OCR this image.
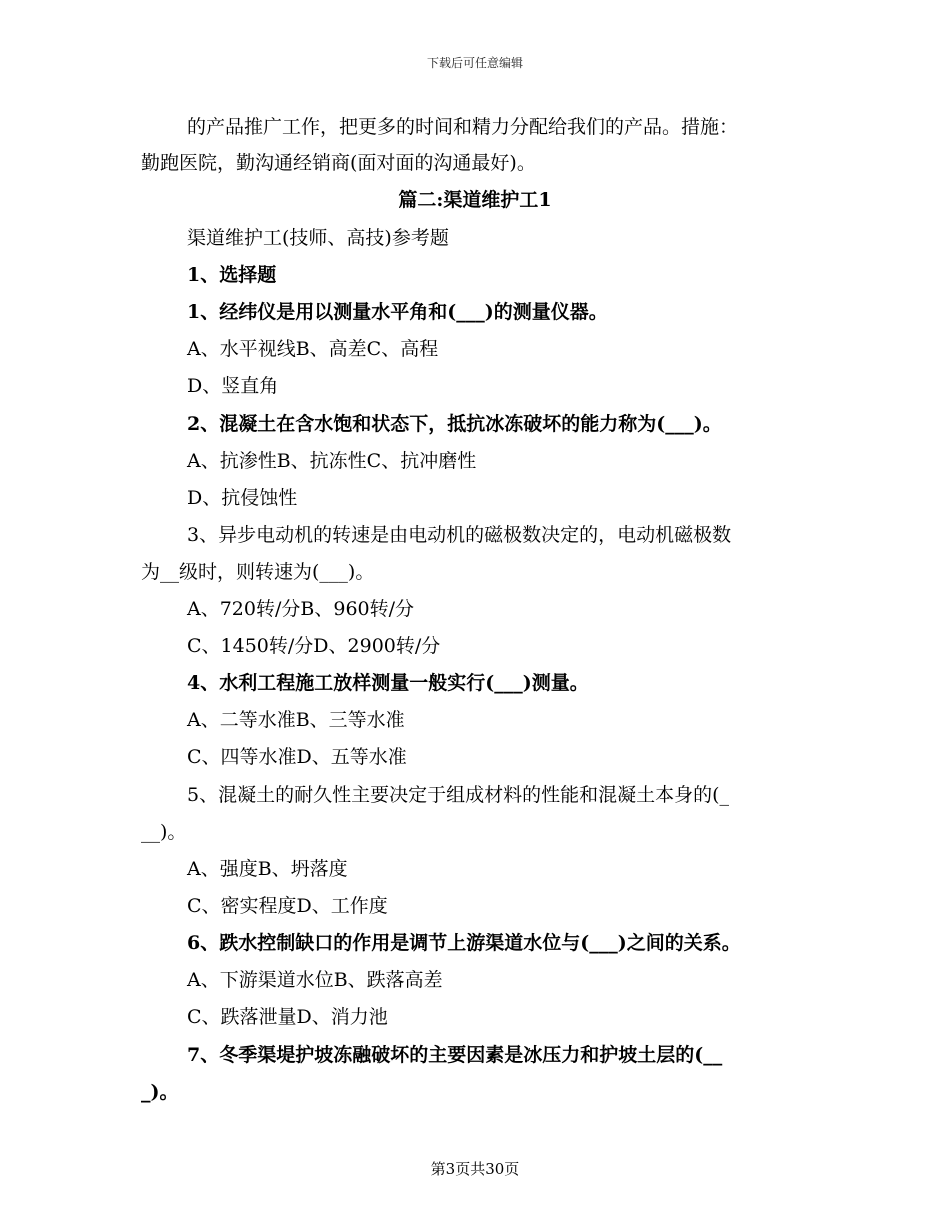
下载后可任意编辑
的产品推广工作，把更多的时间和精力分配给我们的产品。措施：
勤跑医院，勤沟通经销商(面对面的沟通最好)。
篇二:渠道维护工1
渠道维护工(技师、高技)参考题
1、选择题
1、经纬仪是用以测量水平角和(___)的测量仪器。
A、水平视线B、高差C、高程
D、竖直角
2、混凝土在含水饱和状态下，抵抗冰冻破坏的能力称为(___)。
A、抗渗性B、抗冻性C、抗冲磨性
D、抗侵蚀性
3、异步电动机的转速是由电动机的磁极数决定的，电动机磁极数
为__级时，则转速为(___)。
A、720转/分B、960转/分
C、1450转/分D、2900转/分
4、水利工程施工放样测量一般实行(___)测量。
A、二等水准B、三等水准
C、四等水准D、五等水准
5、混凝土的耐久性主要决定于组成材料的性能和混凝土本身的(_
__)。
A、强度B、坍落度
C、密实程度D、工作度
6、跌水控制缺口的作用是调节上游渠道水位与(___)之间的关系。
A、下游渠道水位B、跌落高差
C、跌落泄量D、消力池
7、冬季渠堤护坡冻融破坏的主要因素是冰压力和护坡土层的(__
_)。
第3页共30页
